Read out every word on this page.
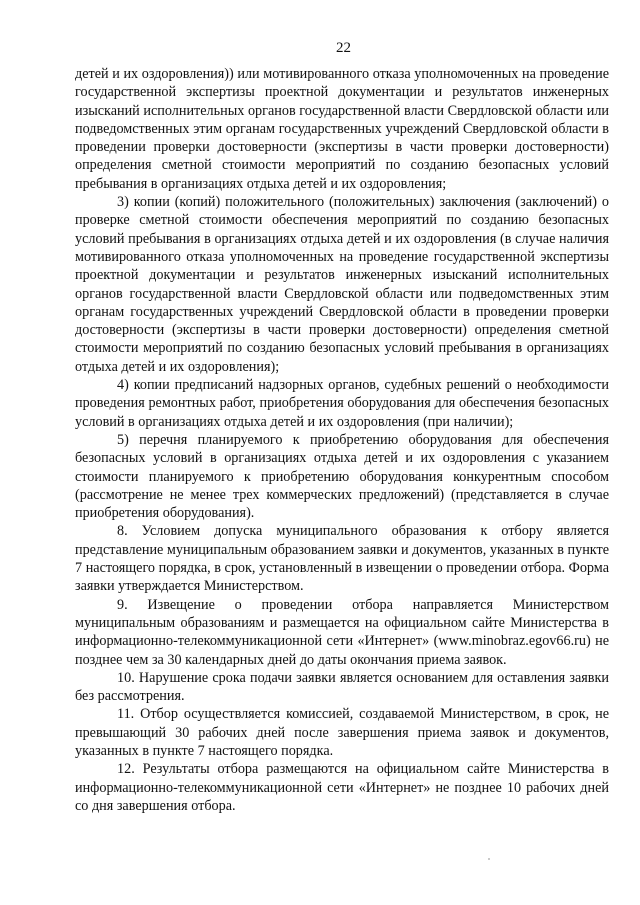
22

детей и их оздоровления)) или мотивированного отказа уполномоченных на проведение государственной экспертизы проектной документации и результатов инженерных изысканий исполнительных органов государственной власти Свердловской области или подведомственных этим органам государственных учреждений Свердловской области в проведении проверки достоверности (экспертизы в части проверки достоверности) определения сметной стоимости мероприятий по созданию безопасных условий пребывания в организациях отдыха детей и их оздоровления;

3) копии (копий) положительного (положительных) заключения (заключений) о проверке сметной стоимости обеспечения мероприятий по созданию безопасных условий пребывания в организациях отдыха детей и их оздоровления (в случае наличия мотивированного отказа уполномоченных на проведение государственной экспертизы проектной документации и результатов инженерных изысканий исполнительных органов государственной власти Свердловской области или подведомственных этим органам государственных учреждений Свердловской области в проведении проверки достоверности (экспертизы в части проверки достоверности) определения сметной стоимости мероприятий по созданию безопасных условий пребывания в организациях отдыха детей и их оздоровления);

4) копии предписаний надзорных органов, судебных решений о необходимости проведения ремонтных работ, приобретения оборудования для обеспечения безопасных условий в организациях отдыха детей и их оздоровления (при наличии);

5) перечня планируемого к приобретению оборудования для обеспечения безопасных условий в организациях отдыха детей и их оздоровления с указанием стоимости планируемого к приобретению оборудования конкурентным способом (рассмотрение не менее трех коммерческих предложений) (представляется в случае приобретения оборудования).

8. Условием допуска муниципального образования к отбору является представление муниципальным образованием заявки и документов, указанных в пункте 7 настоящего порядка, в срок, установленный в извещении о проведении отбора. Форма заявки утверждается Министерством.

9. Извещение о проведении отбора направляется Министерством муниципальным образованиям и размещается на официальном сайте Министерства в информационно-телекоммуникационной сети «Интернет» (www.minobraz.egov66.ru) не позднее чем за 30 календарных дней до даты окончания приема заявок.

10. Нарушение срока подачи заявки является основанием для оставления заявки без рассмотрения.

11. Отбор осуществляется комиссией, создаваемой Министерством, в срок, не превышающий 30 рабочих дней после завершения приема заявок и документов, указанных в пункте 7 настоящего порядка.

12. Результаты отбора размещаются на официальном сайте Министерства в информационно-телекоммуникационной сети «Интернет» не позднее 10 рабочих дней со дня завершения отбора.
